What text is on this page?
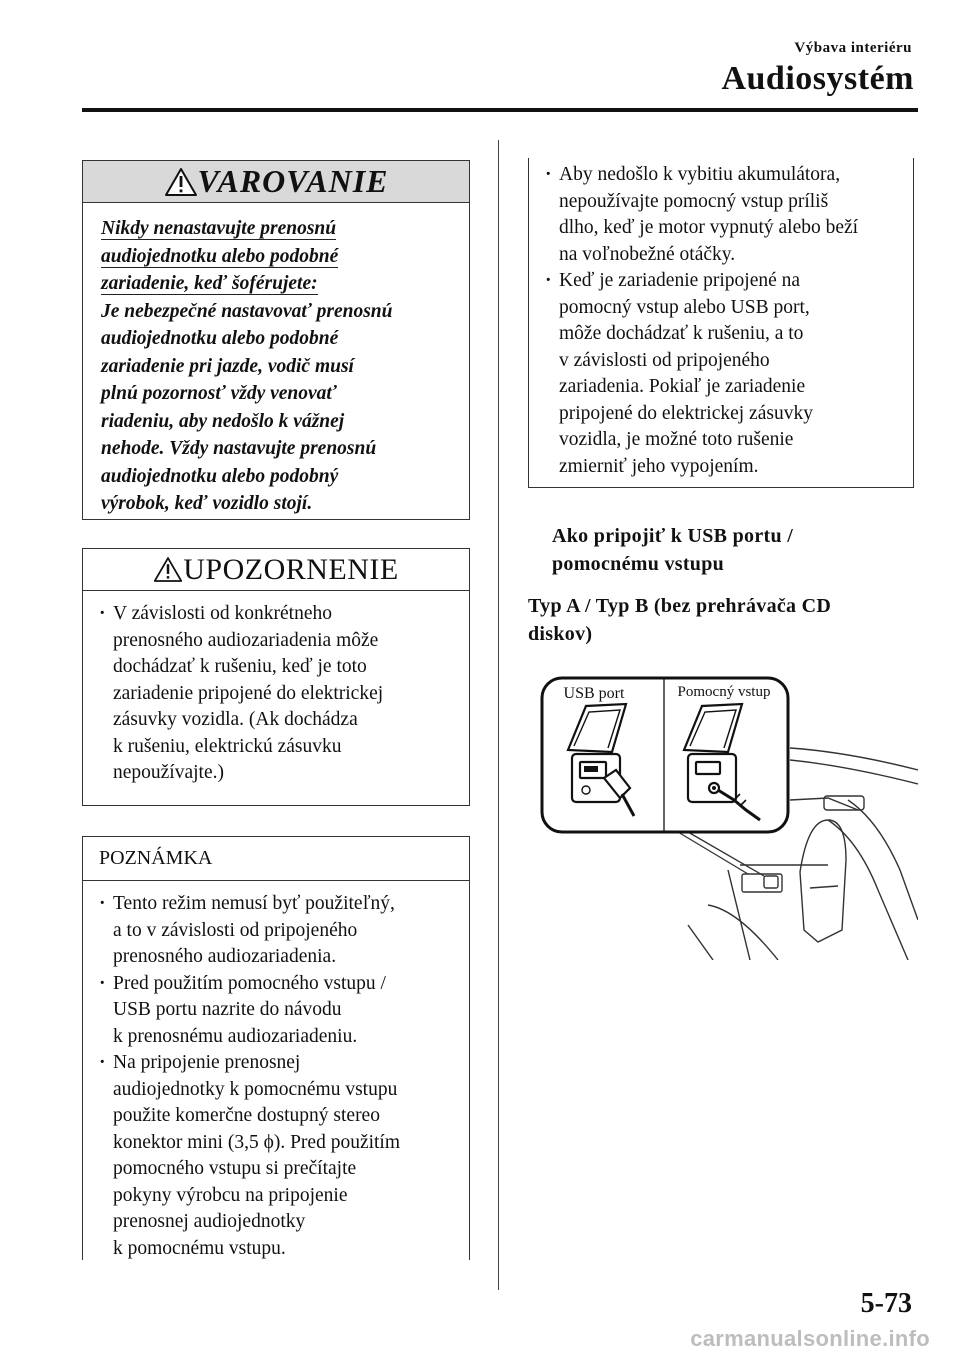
Výbava interiéru
Audiosystém
VAROVANIE
Nikdy nenastavujte prenosnú
audiojednotku alebo podobné
zariadenie, keď šoférujete:
Je nebezpečné nastavovať prenosnú
audiojednotku alebo podobné
zariadenie pri jazde, vodič musí
plnú pozornosť vždy venovať
riadeniu, aby nedošlo k vážnej
nehode. Vždy nastavujte prenosnú
audiojednotku alebo podobný
výrobok, keď vozidlo stojí.
UPOZORNENIE
· V závislosti od konkrétneho
prenosného audiozariadenia môže
dochádzať k rušeniu, keď je toto
zariadenie pripojené do elektrickej
zásuvky vozidla. (Ak dochádza
k rušeniu, elektrickú zásuvku
nepoužívajte.)
POZNÁMKA
· Tento režim nemusí byť použiteľný,
a to v závislosti od pripojeného
prenosného audiozariadenia.
· Pred použitím pomocného vstupu /
USB portu nazrite do návodu
k prenosnému audiozariadeniu.
· Na pripojenie prenosnej
audiojednotky k pomocnému vstupu
použite komerčne dostupný stereo
konektor mini (3,5 ϕ). Pred použitím
pomocného vstupu si prečítajte
pokyny výrobcu na pripojenie
prenosnej audiojednotky
k pomocnému vstupu.
· Aby nedošlo k vybitiu akumulátora,
nepoužívajte pomocný vstup príliš
dlho, keď je motor vypnutý alebo beží
na voľnobežné otáčky.
· Keď je zariadenie pripojené na
pomocný vstup alebo USB port,
môže dochádzať k rušeniu, a to
v závislosti od pripojeného
zariadenia. Pokiaľ je zariadenie
pripojené do elektrickej zásuvky
vozidla, je možné toto rušenie
zmierniť jeho vypojením.
Ako pripojiť k USB portu /
pomocnému vstupu
Typ A / Typ B (bez prehrávača CD
diskov)
USB port	Pomocný vstup
5-73
carmanualsonline.info
